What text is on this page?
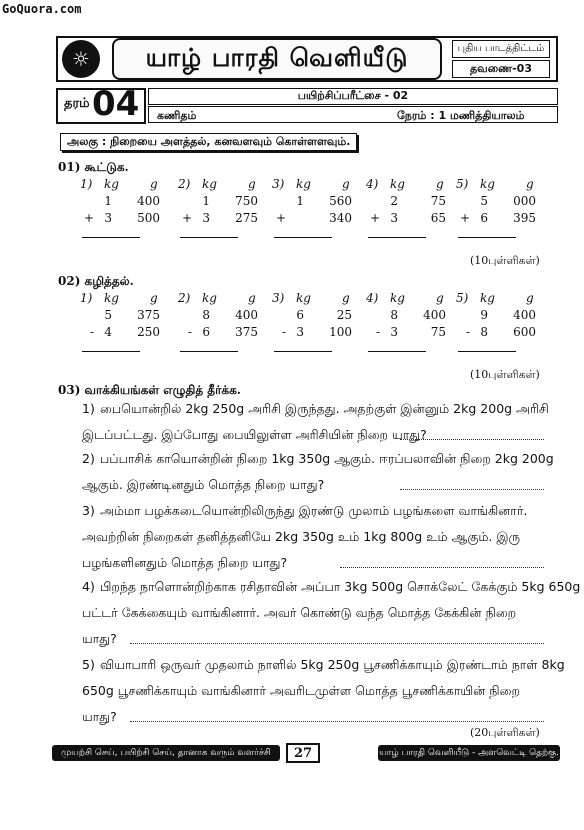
GoQuora.com
☼	யாழ் பாரதி வெளியீடு	புதிய பாடத்திட்டம்
தவணை-03
தரம் 04	பயிற்சிப்பரீட்சை - 02
கணிதம்	நேரம் : 1 மணித்தியாலம்
அலகு : நிறையை அளத்தல், கனவளவும் கொள்ளளவும்.
01) கூட்டுக.
1) kg	g
1	400
+ 3	500
2) kg	g
1	750
+ 3	275
3) kg	g
1	560
+	340
4) kg	g
2	75
+ 3	65
5) kg	g
5	000
+ 6	395
(10புள்ளிகள்)
02) கழித்தல்.
1) kg	g
5	375
- 4	250
2) kg	g
8	400
- 6	375
3) kg	g
6	25
- 3	100
4) kg	g
8	400
- 3	75
5) kg	g
9	400
- 8	600
(10புள்ளிகள்)
03) வாக்கியங்கள் எழுதித் தீர்க்க.
1) பையொன்றில் 2kg 250g அரிசி இருந்தது. அதற்குள் இன்னும் 2kg 200g அரிசி
இடப்பட்டது. இப்போது பையிலுள்ள அரிசியின் நிறை யாது?
2) பப்பாசிக் காயொன்றின் நிறை 1kg 350g ஆகும். ஈரப்பலாவின் நிறை 2kg 200g
ஆகும். இரண்டினதும் மொத்த நிறை யாது?
3) அம்மா பழக்கடையொன்றிலிருந்து இரண்டு முலாம் பழங்களை வாங்கினார்.
அவற்றின் நிறைகள் தனித்தனியே 2kg 350g உம் 1kg 800g உம் ஆகும். இரு
பழங்களினதும் மொத்த நிறை யாது?
4) பிறந்த நாளொன்றிற்காக ரசிதாவின் அப்பா 3kg 500g சொக்லேட் கேக்கும் 5kg 650g
பட்டர் கேக்கையும் வாங்கினார். அவர் கொண்டு வந்த மொத்த கேக்கின் நிறை
யாது?
5) வியாபாரி ஒருவர் முதலாம் நாளில் 5kg 250g பூசணிக்காயும் இரண்டாம் நாள் 8kg
650g பூசணிக்காயும் வாங்கினார் அவரிடமுள்ள மொத்த பூசணிக்காயின் நிறை
யாது?
(20புள்ளிகள்)
முயற்சி செய், பயிற்சி செய், தானாக வரும் வளர்ச்சி	27	யாழ் பாரதி வெளியீடு - அளவெட்டி தெற்கு.
